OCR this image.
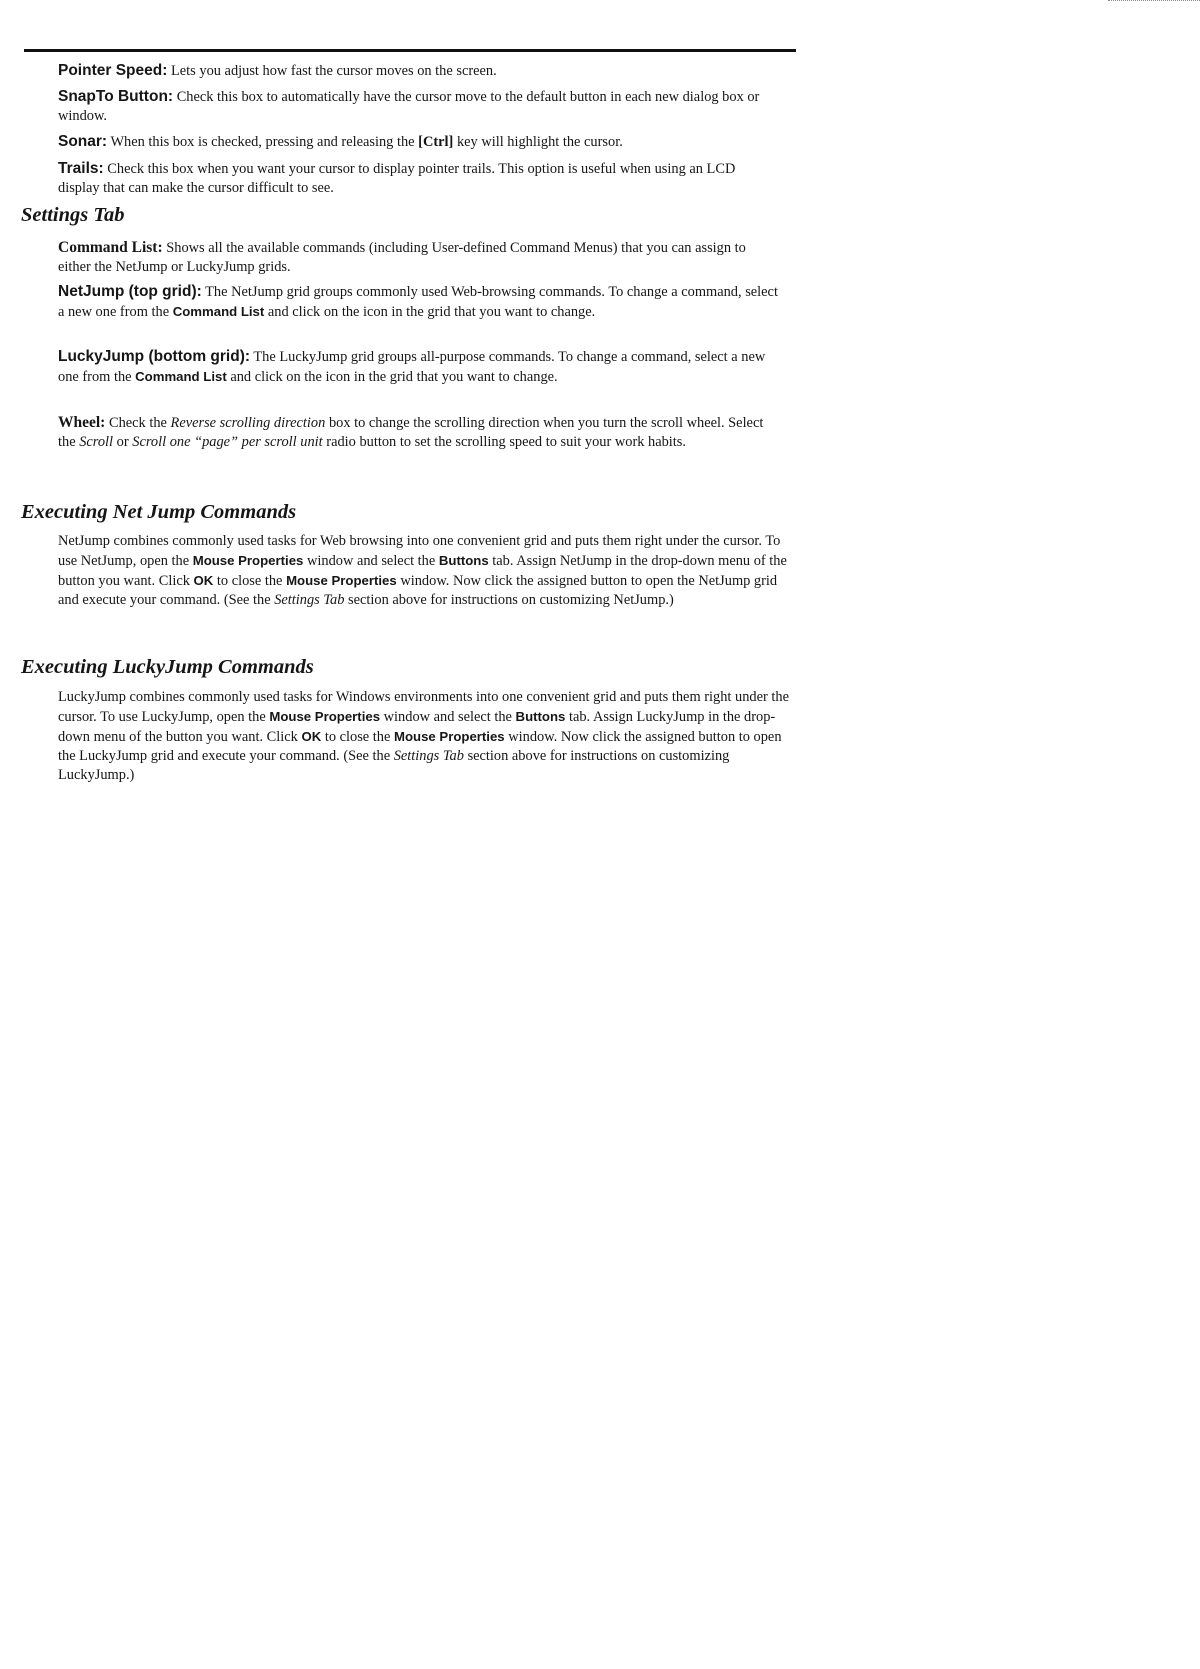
Pointer Speed: Lets you adjust how fast the cursor moves on the screen.
SnapTo Button: Check this box to automatically have the cursor move to the default button in each new dialog box or window.
Sonar: When this box is checked, pressing and releasing the [Ctrl] key will highlight the cursor.
Trails: Check this box when you want your cursor to display pointer trails. This option is useful when using an LCD display that can make the cursor difficult to see.
Settings Tab
Command List: Shows all the available commands (including User-defined Command Menus) that you can assign to either the NetJump or LuckyJump grids.
NetJump (top grid): The NetJump grid groups commonly used Web-browsing commands. To change a command, select a new one from the Command List and click on the icon in the grid that you want to change.
LuckyJump (bottom grid): The LuckyJump grid groups all-purpose commands. To change a command, select a new one from the Command List and click on the icon in the grid that you want to change.
Wheel: Check the Reverse scrolling direction box to change the scrolling direction when you turn the scroll wheel. Select the Scroll or Scroll one “page” per scroll unit radio button to set the scrolling speed to suit your work habits.
Executing Net Jump Commands
NetJump combines commonly used tasks for Web browsing into one convenient grid and puts them right under the cursor. To use NetJump, open the Mouse Properties window and select the Buttons tab. Assign NetJump in the drop-down menu of the button you want. Click OK to close the Mouse Properties window. Now click the assigned button to open the NetJump grid and execute your command. (See the Settings Tab section above for instructions on customizing NetJump.)
Executing LuckyJump Commands
LuckyJump combines commonly used tasks for Windows environments into one convenient grid and puts them right under the cursor. To use LuckyJump, open the Mouse Properties window and select the Buttons tab. Assign LuckyJump in the drop-down menu of the button you want. Click OK to close the Mouse Properties window. Now click the assigned button to open the LuckyJump grid and execute your command. (See the Settings Tab section above for instructions on customizing LuckyJump.)
